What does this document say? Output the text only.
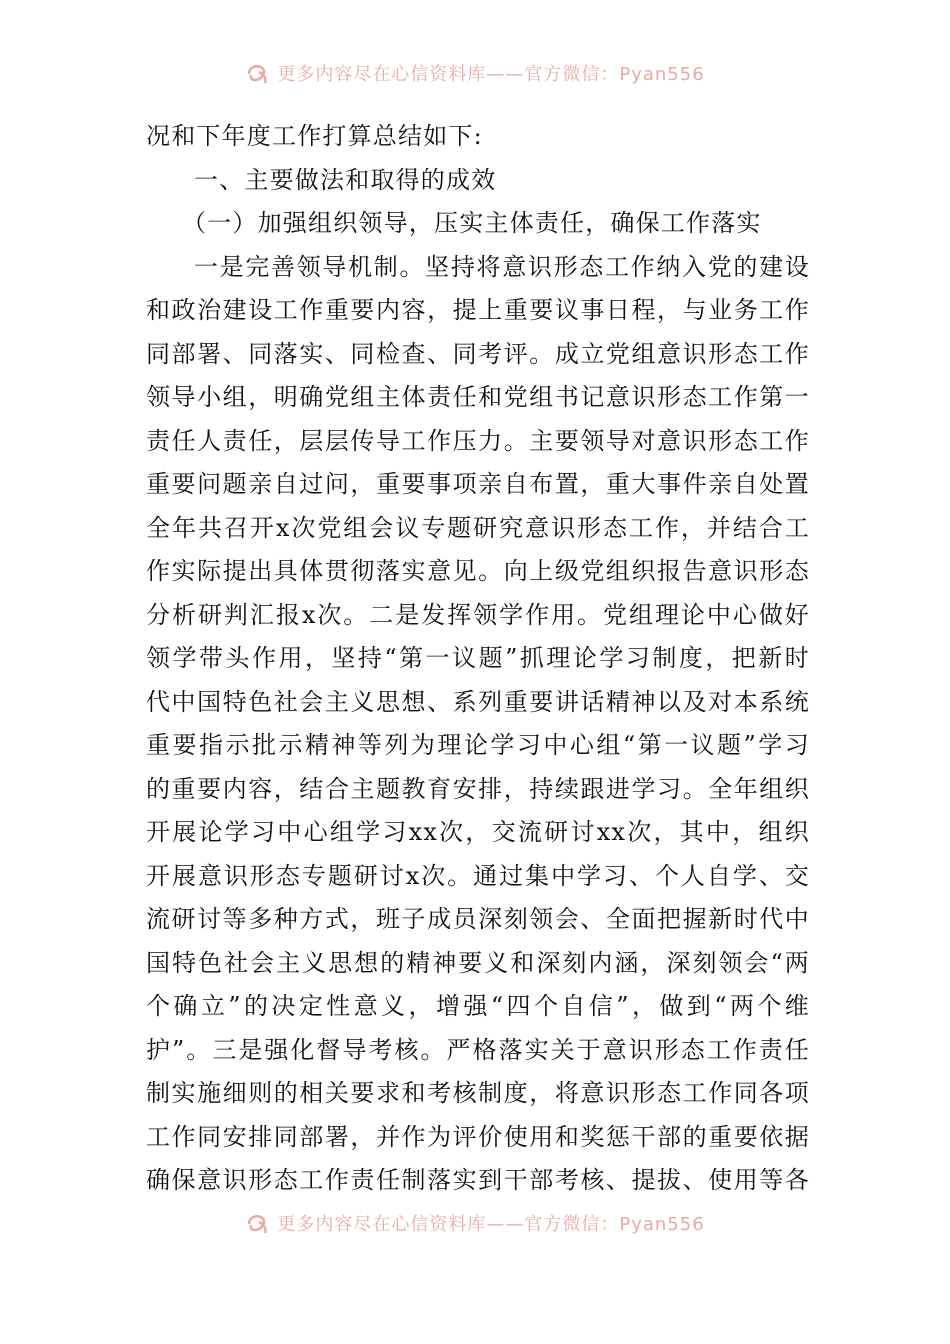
更多内容尽在心信资料库——官方微信：Pyan556
况和下年度工作打算总结如下:
一、主要做法和取得的成效
（一）加强组织领导，压实主体责任，确保工作落实
一是完善领导机制。坚持将意识形态工作纳入党的建设
和政治建设工作重要内容，提上重要议事日程，与业务工作
同部署、同落实、同检查、同考评。成立党组意识形态工作
领导小组，明确党组主体责任和党组书记意识形态工作第一
责任人责任，层层传导工作压力。主要领导对意识形态工作
重要问题亲自过问，重要事项亲自布置，重大事件亲自处置
全年共召开x次党组会议专题研究意识形态工作，并结合工
作实际提出具体贯彻落实意见。向上级党组织报告意识形态
分析研判汇报x次。二是发挥领学作用。党组理论中心做好
领学带头作用，坚持“第一议题”抓理论学习制度，把新时
代中国特色社会主义思想、系列重要讲话精神以及对本系统
重要指示批示精神等列为理论学习中心组“第一议题”学习
的重要内容，结合主题教育安排，持续跟进学习。全年组织
开展论学习中心组学习xx次，交流研讨xx次，其中，组织
开展意识形态专题研讨x次。通过集中学习、个人自学、交
流研讨等多种方式，班子成员深刻领会、全面把握新时代中
国特色社会主义思想的精神要义和深刻内涵，深刻领会“两
个确立”的决定性意义，增强“四个自信”，做到“两个维
护”。三是强化督导考核。严格落实关于意识形态工作责任
制实施细则的相关要求和考核制度，将意识形态工作同各项
工作同安排同部署，并作为评价使用和奖惩干部的重要依据
确保意识形态工作责任制落实到干部考核、提拔、使用等各
更多内容尽在心信资料库——官方微信：Pyan556
